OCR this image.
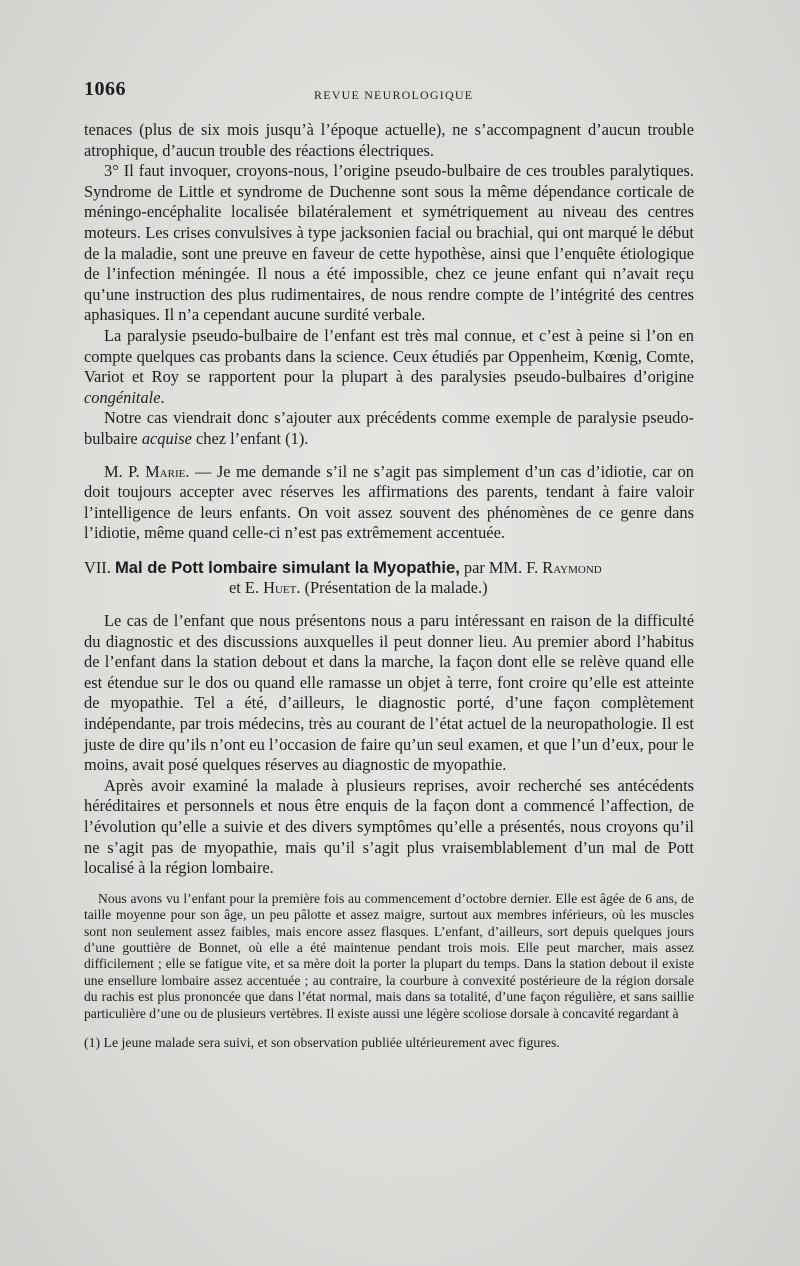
1066	REVUE NEUROLOGIQUE

tenaces (plus de six mois jusqu’à l’époque actuelle), ne s’accompagnent d’aucun trouble atrophique, d’aucun trouble des réactions électriques.

3° Il faut invoquer, croyons-nous, l’origine pseudo-bulbaire de ces troubles paralytiques. Syndrome de Little et syndrome de Duchenne sont sous la même dépendance corticale de méningo-encéphalite localisée bilatéralement et symétriquement au niveau des centres moteurs. Les crises convulsives à type jacksonien facial ou brachial, qui ont marqué le début de la maladie, sont une preuve en faveur de cette hypothèse, ainsi que l’enquête étiologique de l’infection méningée. Il nous a été impossible, chez ce jeune enfant qui n’avait reçu qu’une instruction des plus rudimentaires, de nous rendre compte de l’intégrité des centres aphasiques. Il n’a cependant aucune surdité verbale.

La paralysie pseudo-bulbaire de l’enfant est très mal connue, et c’est à peine si l’on en compte quelques cas probants dans la science. Ceux étudiés par Oppenheim, Kœnig, Comte, Variot et Roy se rapportent pour la plupart à des paralysies pseudo-bulbaires d’origine congénitale.

Notre cas viendrait donc s’ajouter aux précédents comme exemple de paralysie pseudo-bulbaire acquise chez l’enfant (1).

M. P. Marie. — Je me demande s’il ne s’agit pas simplement d’un cas d’idiotie, car on doit toujours accepter avec réserves les affirmations des parents, tendant à faire valoir l’intelligence de leurs enfants. On voit assez souvent des phénomènes de ce genre dans l’idiotie, même quand celle-ci n’est pas extrêmement accentuée.

VII. Mal de Pott lombaire simulant la Myopathie, par MM. F. Raymond
et E. Huet. (Présentation de la malade.)

Le cas de l’enfant que nous présentons nous a paru intéressant en raison de la difficulté du diagnostic et des discussions auxquelles il peut donner lieu. Au premier abord l’habitus de l’enfant dans la station debout et dans la marche, la façon dont elle se relève quand elle est étendue sur le dos ou quand elle ramasse un objet à terre, font croire qu’elle est atteinte de myopathie. Tel a été, d’ailleurs, le diagnostic porté, d’une façon complètement indépendante, par trois médecins, très au courant de l’état actuel de la neuropathologie. Il est juste de dire qu’ils n’ont eu l’occasion de faire qu’un seul examen, et que l’un d’eux, pour le moins, avait posé quelques réserves au diagnostic de myopathie.

Après avoir examiné la malade à plusieurs reprises, avoir recherché ses antécédents héréditaires et personnels et nous être enquis de la façon dont a commencé l’affection, de l’évolution qu’elle a suivie et des divers symptômes qu’elle a présentés, nous croyons qu’il ne s’agit pas de myopathie, mais qu’il s’agit plus vraisemblablement d’un mal de Pott localisé à la région lombaire.

Nous avons vu l’enfant pour la première fois au commencement d’octobre dernier. Elle est âgée de 6 ans, de taille moyenne pour son âge, un peu pâlotte et assez maigre, surtout aux membres inférieurs, où les muscles sont non seulement assez faibles, mais encore assez flasques. L’enfant, d’ailleurs, sort depuis quelques jours d’une gouttière de Bonnet, où elle a été maintenue pendant trois mois. Elle peut marcher, mais assez difficilement ; elle se fatigue vite, et sa mère doit la porter la plupart du temps. Dans la station debout il existe une ensellure lombaire assez accentuée ; au contraire, la courbure à convexité postérieure de la région dorsale du rachis est plus prononcée que dans l’état normal, mais dans sa totalité, d’une façon régulière, et sans saillie particulière d’une ou de plusieurs vertèbres. Il existe aussi une légère scoliose dorsale à concavité regardant à

(1) Le jeune malade sera suivi, et son observation publiée ultérieurement avec figures.
